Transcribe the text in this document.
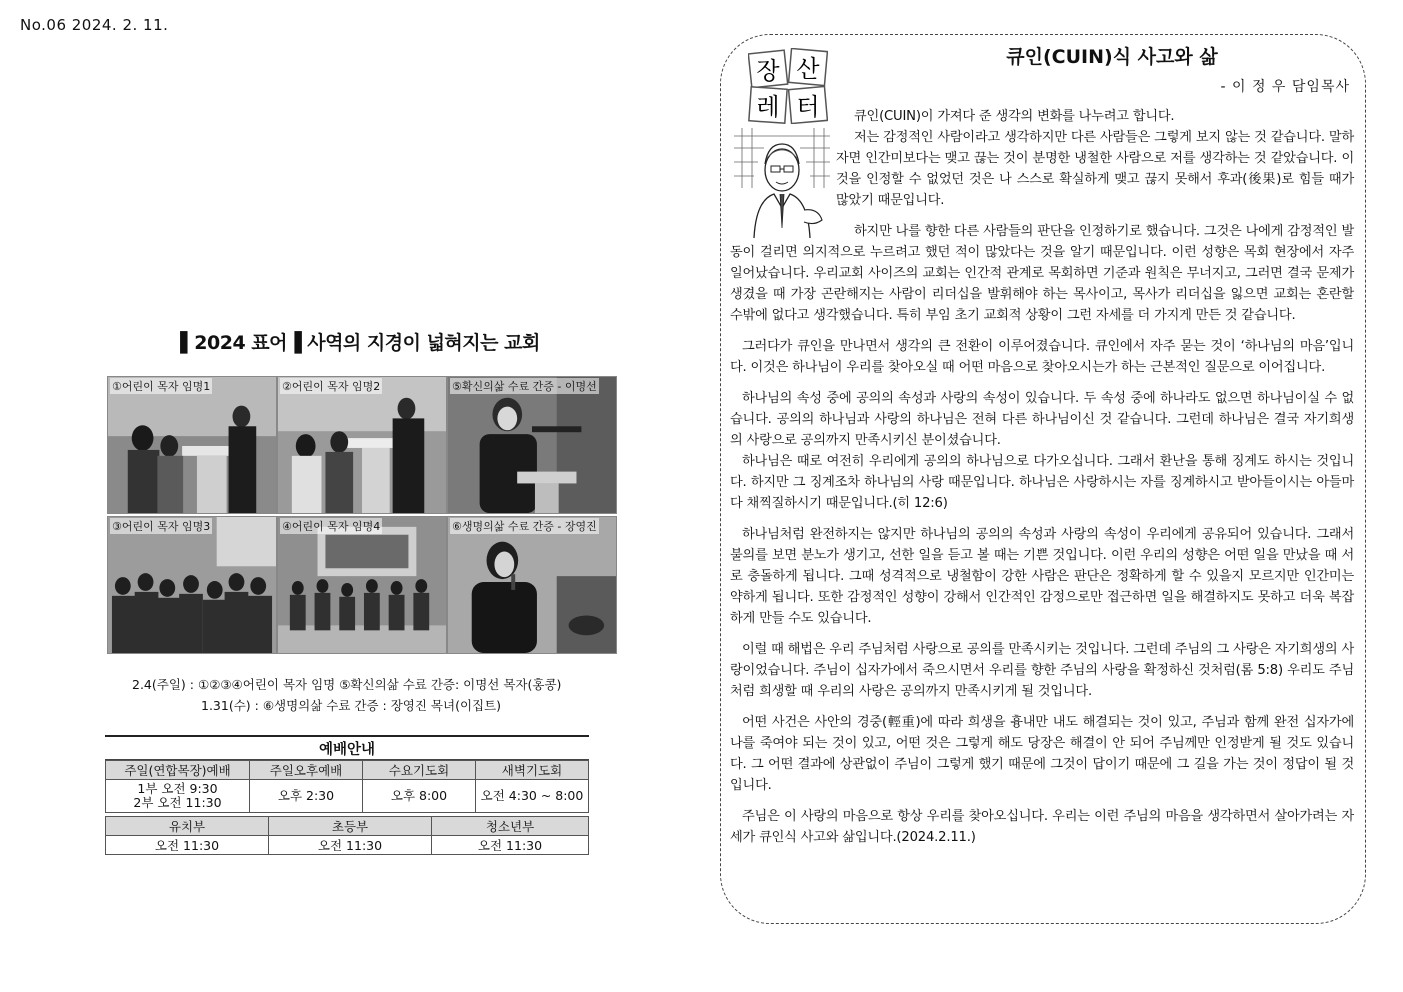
No.06 2024. 2. 11.
▌2024 표어▐ 사역의 지경이 넓혀지는 교회
①어린이 목자 임명1	②어린이 목자 임명2	⑤확신의삶 수료 간증 - 이명선
③어린이 목자 임명3	④어린이 목자 임명4	⑥생명의삶 수료 간증 - 장영진
2.4(주일) : ①②③④어린이 목자 임명 ⑤확신의삶 수료 간증: 이명선 목자(홍콩)
1.31(수) : ⑥생명의삶 수료 간증 : 장영진 목녀(이집트)
예배안내
주일(연합목장)예배	주일오후예배	수요기도회	새벽기도회

1부 오전 9:30
2부 오전 11:30	오후 2:30	오후 8:00	오전 4:30 ~ 8:00
유치부	초등부	청소년부
오전 11:30	오전 11:30	오전 11:30
장 산
레 터
큐인(CUIN)식 사고와 삶
- 이 정 우 담임목사

큐인(CUIN)이 가져다 준 생각의 변화를 나누려고 합니다.

저는 감정적인 사람이라고 생각하지만 다른 사람들은 그렇게 보지 않는 것 같습니다. 말하자면 인간미보다는 맺고 끊는 것이 분명한 냉철한 사람으로 저를 생각하는 것 같았습니다. 이것을 인정할 수 없었던 것은 나 스스로 확실하게 맺고 끊지 못해서 후과(後果)로 힘들 때가 많았기 때문입니다.

하지만 나를 향한 다른 사람들의 판단을 인정하기로 했습니다. 그것은 나에게 감정적인 발동이 걸리면 의지적으로 누르려고 했던 적이 많았다는 것을 알기 때문입니다. 이런 성향은 목회 현장에서 자주 일어났습니다. 우리교회 사이즈의 교회는 인간적 관계로 목회하면 기준과 원칙은 무너지고, 그러면 결국 문제가 생겼을 때 가장 곤란해지는 사람이 리더십을 발휘해야 하는 목사이고, 목사가 리더십을 잃으면 교회는 혼란할 수밖에 없다고 생각했습니다. 특히 부임 초기 교회적 상황이 그런 자세를 더 가지게 만든 것 같습니다.

그러다가 큐인을 만나면서 생각의 큰 전환이 이루어졌습니다. 큐인에서 자주 묻는 것이 ‘하나님의 마음’입니다. 이것은 하나님이 우리를 찾아오실 때 어떤 마음으로 찾아오시는가 하는 근본적인 질문으로 이어집니다.

하나님의 속성 중에 공의의 속성과 사랑의 속성이 있습니다. 두 속성 중에 하나라도 없으면 하나님이실 수 없습니다. 공의의 하나님과 사랑의 하나님은 전혀 다른 하나님이신 것 같습니다. 그런데 하나님은 결국 자기희생의 사랑으로 공의까지 만족시키신 분이셨습니다.

하나님은 때로 여전히 우리에게 공의의 하나님으로 다가오십니다. 그래서 환난을 통해 징계도 하시는 것입니다. 하지만 그 징계조차 하나님의 사랑 때문입니다. 하나님은 사랑하시는 자를 징계하시고 받아들이시는 아들마다 채찍질하시기 때문입니다.(히 12:6)

하나님처럼 완전하지는 않지만 하나님의 공의의 속성과 사랑의 속성이 우리에게 공유되어 있습니다. 그래서 불의를 보면 분노가 생기고, 선한 일을 듣고 볼 때는 기쁜 것입니다. 이런 우리의 성향은 어떤 일을 만났을 때 서로 충돌하게 됩니다. 그때 성격적으로 냉철함이 강한 사람은 판단은 정확하게 할 수 있을지 모르지만 인간미는 약하게 됩니다. 또한 감정적인 성향이 강해서 인간적인 감정으로만 접근하면 일을 해결하지도 못하고 더욱 복잡하게 만들 수도 있습니다.

이럴 때 해법은 우리 주님처럼 사랑으로 공의를 만족시키는 것입니다. 그런데 주님의 그 사랑은 자기희생의 사랑이었습니다. 주님이 십자가에서 죽으시면서 우리를 향한 주님의 사랑을 확정하신 것처럼(롬 5:8) 우리도 주님처럼 희생할 때 우리의 사랑은 공의까지 만족시키게 될 것입니다.

어떤 사건은 사안의 경중(輕重)에 따라 희생을 흉내만 내도 해결되는 것이 있고, 주님과 함께 완전 십자가에 나를 죽여야 되는 것이 있고, 어떤 것은 그렇게 해도 당장은 해결이 안 되어 주님께만 인정받게 될 것도 있습니다. 그 어떤 결과에 상관없이 주님이 그렇게 했기 때문에 그것이 답이기 때문에 그 길을 가는 것이 정답이 될 것입니다.

주님은 이 사랑의 마음으로 항상 우리를 찾아오십니다. 우리는 이런 주님의 마음을 생각하면서 살아가려는 자세가 큐인식 사고와 삶입니다.(2024.2.11.)
